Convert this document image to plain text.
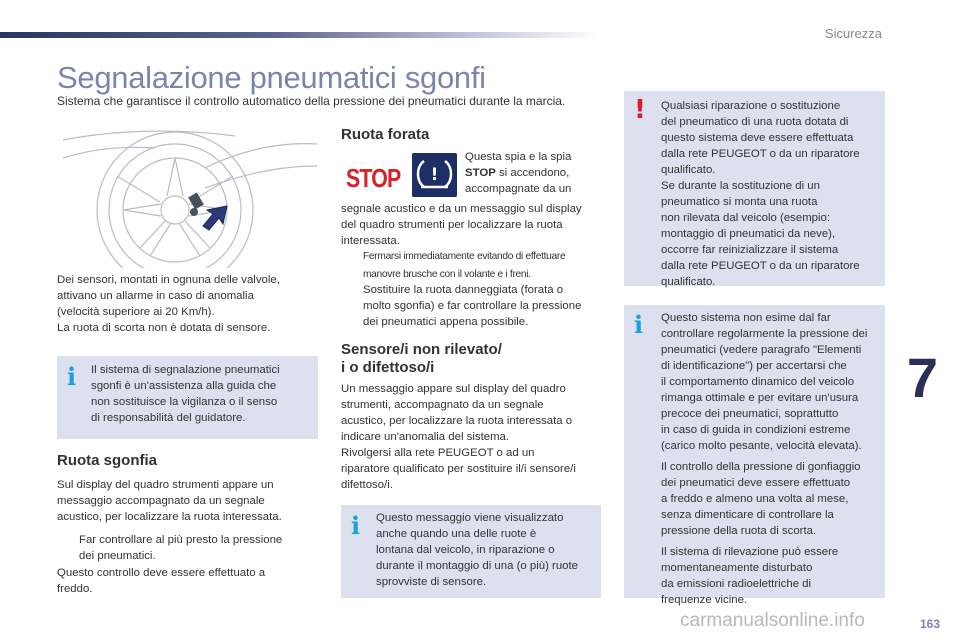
Sicurezza
Segnalazione pneumatici sgonfi
Sistema che garantisce il controllo automatico della pressione dei pneumatici durante la marcia.

Dei sensori, montati in ognuna delle valvole,

attivano un allarme in caso di anomalia

(velocità superiore ai 20 Km/h).

La ruota di scorta non è dotata di sensore.

i Il sistema di segnalazione pneumatici

sgonfi è un'assistenza alla guida che

non sostituisce la vigilanza o il senso

di responsabilità del guidatore.

Ruota sgonfia

Sul display del quadro strumenti appare un

messaggio accompagnato da un segnale

acustico, per localizzare la ruota interessata.

Far controllare al più presto la pressione

dei pneumatici.

Questo controllo deve essere effettuato a

freddo.

Ruota forata
STOP !

Questa spia e la spia

STOP si accendono,

accompagnate da un

segnale acustico e da un messaggio sul display

del quadro strumenti per localizzare la ruota

interessata.

Fermarsi immediatamente evitando di effettuare

manovre brusche con il volante e i freni.

Sostituire la ruota danneggiata (forata o

molto sgonfia) e far controllare la pressione

dei pneumatici appena possibile.

Sensore/i non rilevato/
i o difettoso/i

Un messaggio appare sul display del quadro

strumenti, accompagnato da un segnale

acustico, per localizzare la ruota interessata o

indicare un'anomalia del sistema.

Rivolgersi alla rete PEUGEOT o ad un

riparatore qualificato per sostituire il/i sensore/i

difettoso/i.

i Questo messaggio viene visualizzato

anche quando una delle ruote è

lontana dal veicolo, in riparazione o

durante il montaggio di una (o più) ruote

sprovviste di sensore.

! Qualsiasi riparazione o sostituzione

del pneumatico di una ruota dotata di

questo sistema deve essere effettuata

dalla rete PEUGEOT o da un riparatore

qualificato.

Se durante la sostituzione di un

pneumatico si monta una ruota

non rilevata dal veicolo (esempio:

montaggio di pneumatici da neve),

occorre far reinizializzare il sistema

dalla rete PEUGEOT o da un riparatore

qualificato.

i Questo sistema non esime dal far

controllare regolarmente la pressione dei

pneumatici (vedere paragrafo "Elementi

di identificazione") per accertarsi che

il comportamento dinamico del veicolo

rimanga ottimale e per evitare un'usura

precoce dei pneumatici, soprattutto

in caso di guida in condizioni estreme

(carico molto pesante, velocità elevata).

Il controllo della pressione di gonfiaggio

dei pneumatici deve essere effettuato

a freddo e almeno una volta al mese,

senza dimenticare di controllare la

pressione della ruota di scorta.

Il sistema di rilevazione può essere

momentaneamente disturbato

da emissioni radioelettriche di

frequenze vicine.

7
carmanualsonline.info	163
